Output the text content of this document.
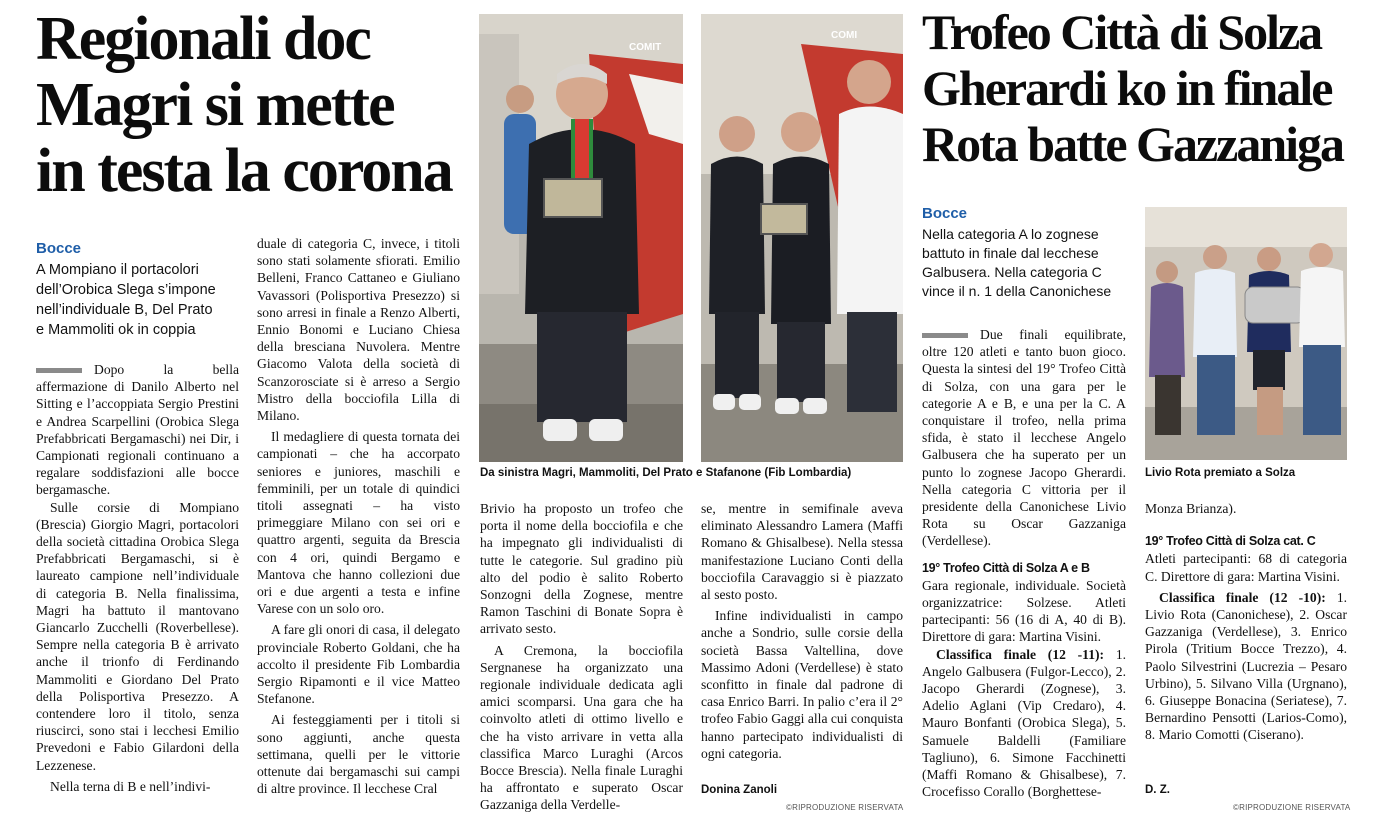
Regionali doc
Magri si mette
in testa la corona
Bocce
A Mompiano il portacolori
dell’Orobica Slega s’impone
nell’individuale B, Del Prato
e Mammoliti ok in coppia

Dopo la bella affermazione di Danilo Alberto nel Sitting e l’accoppiata Sergio Prestini e Andrea Scarpellini (Orobica Slega Prefabbricati Bergamaschi) nei Dir, i Campionati regionali continuano a regalare soddisfazioni alle bocce bergamasche.

Sulle corsie di Mompiano (Brescia) Giorgio Magri, portacolori della società cittadina Orobica Slega Prefabbricati Bergamaschi, si è laureato campione nell’individuale di categoria B. Nella finalissima, Magri ha battuto il mantovano Giancarlo Zucchelli (Roverbellese). Sempre nella categoria B è arrivato anche il trionfo di Ferdinando Mammoliti e Giordano Del Prato della Polisportiva Presezzo. A contendere loro il titolo, senza riuscirci, sono stai i lecchesi Emilio Prevedoni e Fabio Gilardoni della Lezzenese.

Nella terna di B e nell’indivi-

duale di categoria C, invece, i titoli sono stati solamente sfiorati. Emilio Belleni, Franco Cattaneo e Giuliano Vavassori (Polisportiva Presezzo) si sono arresi in finale a Renzo Alberti, Ennio Bonomi e Luciano Chiesa della bresciana Nuvolera. Mentre Giacomo Valota della società di Scanzorosciate si è arreso a Sergio Mistro della bocciofila Lilla di Milano.

Il medagliere di questa tornata dei campionati – che ha accorpato seniores e juniores, maschili e femminili, per un totale di quindici titoli assegnati – ha visto primeggiare Milano con sei ori e quattro argenti, seguita da Brescia con 4 ori, quindi Bergamo e Mantova che hanno collezioni due ori e due argenti a testa e infine Varese con un solo oro.

A fare gli onori di casa, il delegato provinciale Roberto Goldani, che ha accolto il presidente Fib Lombardia Sergio Ripamonti e il vice Matteo Stefanone.

Ai festeggiamenti per i titoli si sono aggiunti, anche questa settimana, quelli per le vittorie ottenute dai bergamaschi sui campi di altre province. Il lecchese Cral

COMIT
COMI
Da sinistra Magri, Mammoliti, Del Prato e Stafanone (Fib Lombardia)

Brivio ha proposto un trofeo che porta il nome della bocciofila e che ha impegnato gli individualisti di tutte le categorie. Sul gradino più alto del podio è salito Roberto Sonzogni della Zognese, mentre Ramon Taschini di Bonate Sopra è arrivato sesto.

A Cremona, la bocciofila Sergnanese ha organizzato una regionale individuale dedicata agli amici scomparsi. Una gara che ha coinvolto atleti di ottimo livello e che ha visto arrivare in vetta alla classifica Marco Luraghi (Arcos Bocce Brescia). Nella finale Luraghi ha affrontato e superato Oscar Gazzaniga della Verdelle-

se, mentre in semifinale aveva eliminato Alessandro Lamera (Maffi Romano & Ghisalbese). Nella stessa manifestazione Luciano Conti della bocciofila Caravaggio si è piazzato al sesto posto.

Infine individualisti in campo anche a Sondrio, sulle corsie della società Bassa Valtellina, dove Massimo Adoni (Verdellese) è stato sconfitto in finale dal padrone di casa Enrico Barri. In palio c’era il 2° trofeo Fabio Gaggi alla cui conquista hanno partecipato individualisti di ogni categoria.

Donina Zanoli
©RIPRODUZIONE RISERVATA
Trofeo Città di Solza
Gherardi ko in finale
Rota batte Gazzaniga
Bocce
Nella categoria A lo zognese
battuto in finale dal lecchese
Galbusera. Nella categoria C
vince il n. 1 della Canonichese

Due finali equilibrate, oltre 120 atleti e tanto buon gioco. Questa la sintesi del 19° Trofeo Città di Solza, con una gara per le categorie A e B, e una per la C. A conquistare il trofeo, nella prima sfida, è stato il lecchese Angelo Galbusera che ha superato per un punto lo zognese Jacopo Gherardi. Nella categoria C vittoria per il presidente della Canonichese Livio Rota su Oscar Gazzaniga (Verdellese).

19° Trofeo Città di Solza A e B

Gara regionale, individuale. Società organizzatrice: Solzese. Atleti partecipanti: 56 (16 di A, 40 di B). Direttore di gara: Martina Visini.

Classifica finale (12 -11): 1. Angelo Galbusera (Fulgor-Lecco), 2. Jacopo Gherardi (Zognese), 3. Adelio Aglani (Vip Credaro), 4. Mauro Bonfanti (Orobica Slega), 5. Samuele Baldelli (Familiare Tagliuno), 6. Simone Facchinetti (Maffi Romano & Ghisalbese), 7. Crocefisso Corallo (Borghettese-

Livio Rota premiato a Solza

Monza Brianza).

19° Trofeo Città di Solza cat. C

Atleti partecipanti: 68 di categoria C. Direttore di gara: Martina Visini.

Classifica finale (12 -10): 1. Livio Rota (Canonichese), 2. Oscar Gazzaniga (Verdellese), 3. Enrico Pirola (Tritium Bocce Trezzo), 4. Paolo Silvestrini (Lucrezia – Pesaro Urbino), 5. Silvano Villa (Urgnano), 6. Giuseppe Bonacina (Seriatese), 7. Bernardino Pensotti (Larios-Como), 8. Mario Comotti (Ciserano).

D. Z.
©RIPRODUZIONE RISERVATA
